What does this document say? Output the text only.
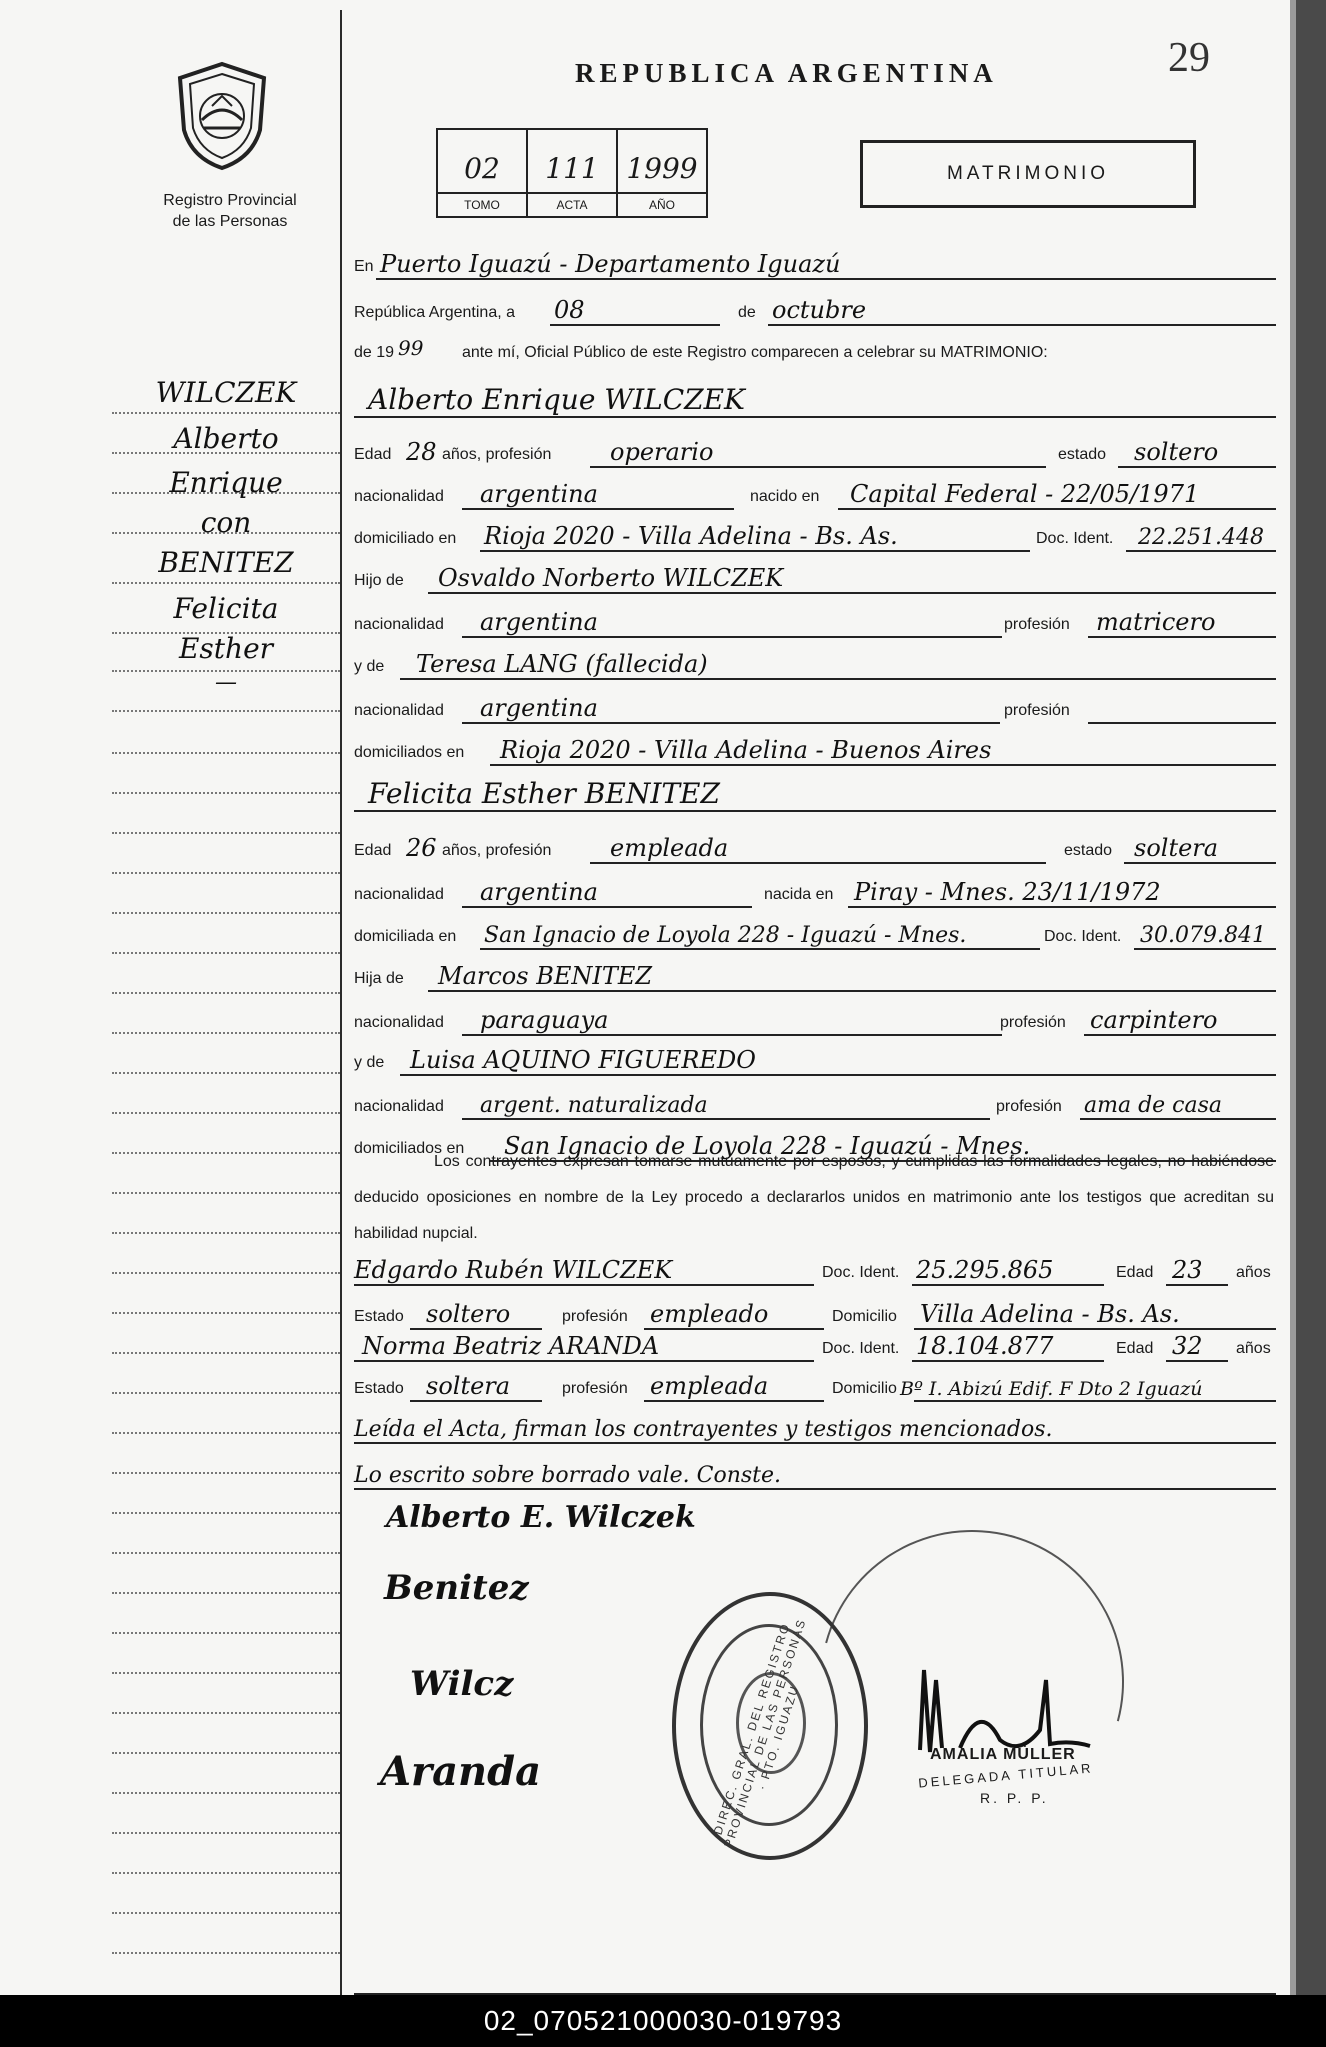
Registro Provincial
de las Personas
WILCZEK
Alberto
Enrique
con
BENITEZ
Felicita
Esther
—
REPUBLICA ARGENTINA	29
02
TOMO
111
ACTA
1999
AÑO
MATRIMONIO
En Puerto Iguazú - Departamento Iguazú
República Argentina, a 08	de octubre
de 19 99 ante mí, Oficial Público de este Registro comparecen a celebrar su MATRIMONIO:
Alberto Enrique WILCZEK
Edad 28 años, profesión operario	estado soltero
nacionalidad argentina	nacido en Capital Federal - 22/05/1971
domiciliado en Rioja 2020 - Villa Adelina - Bs. As.	Doc. Ident. 22.251.448
Hijo de Osvaldo Norberto WILCZEK
nacionalidad argentina	profesión matricero
y de Teresa LANG (fallecida)
nacionalidad argentina	profesión
domiciliados en Rioja 2020 - Villa Adelina - Buenos Aires
Felicita Esther BENITEZ
Edad 26 años, profesión empleada	estado soltera
nacionalidad argentina	nacida en Piray - Mnes. 23/11/1972
domiciliada en San Ignacio de Loyola 228 - Iguazú - Mnes.	Doc. Ident. 30.079.841
Hija de Marcos BENITEZ
nacionalidad paraguaya	profesión carpintero
y de Luisa AQUINO FIGUEREDO
nacionalidad argent. naturalizada	profesión ama de casa
domiciliados en San Ignacio de Loyola 228 - Iguazú - Mnes.
Los contrayentes expresan tomarse mutuamente por esposos, y cumplidas las formalidades legales, no habiéndose deducido oposiciones en nombre de la Ley procedo a declararlos unidos en matrimonio ante los testigos que acreditan su habilidad nupcial.
Edgardo Rubén WILCZEK	Doc. Ident. 25.295.865	Edad 23 años
Estado soltero	profesión empleado	Domicilio Villa Adelina - Bs. As.
Norma Beatriz ARANDA	Doc. Ident. 18.104.877	Edad 32 años
Estado soltera	profesión empleada	Domicilio Bº I. Abizú Edif. F Dto 2 Iguazú
Leída el Acta, firman los contrayentes y testigos mencionados.
Lo escrito sobre borrado vale. Conste.
Alberto E. Wilczek
Benitez
Wilcz
Aranda	DIREC. GRAL. DEL REGISTRO PROVINCIAL DE LAS PERSONAS · PTO. IGUAZU	AMALIA MÜLLER
DELEGADA TITULAR
R. P. P.
02_070521000030-019793
